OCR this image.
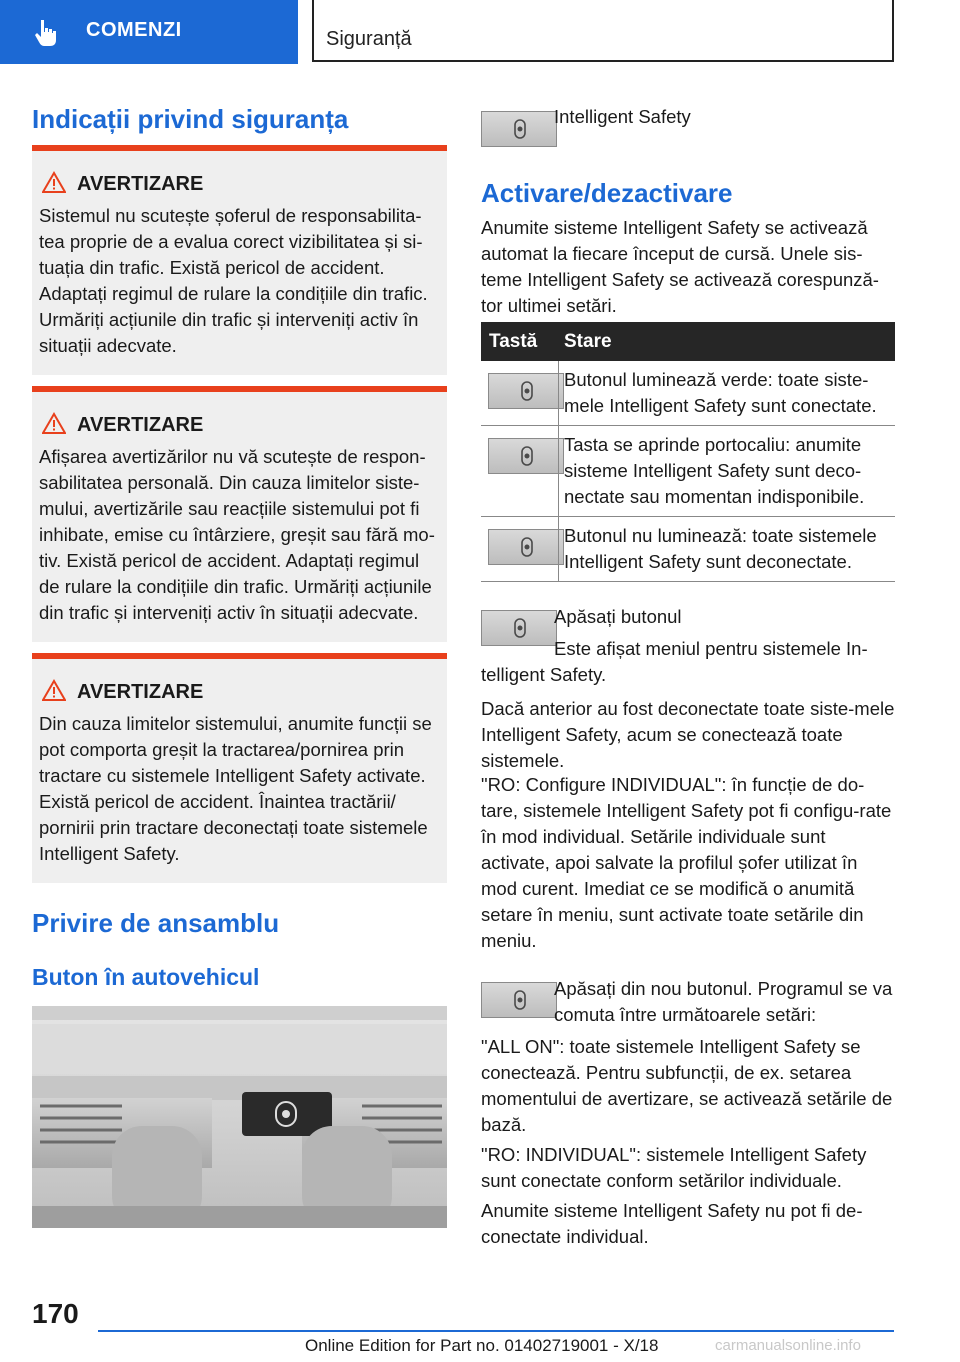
COMENZI	Siguranță
Indicații privind siguranța
AVERTIZARE
Sistemul nu scutește șoferul de responsabilita-tea proprie de a evalua corect vizibilitatea și si-tuația din trafic. Există pericol de accident. Adaptați regimul de rulare la condițiile din trafic. Urmăriți acțiunile din trafic și interveniți activ în situații adecvate.
AVERTIZARE
Afișarea avertizărilor nu vă scutește de respon-sabilitatea personală. Din cauza limitelor siste-mului, avertizările sau reacțiile sistemului pot fi inhibate, emise cu întârziere, greșit sau fără mo-tiv. Există pericol de accident. Adaptați regimul de rulare la condițiile din trafic. Urmăriți acțiunile din trafic și interveniți activ în situații adecvate.
AVERTIZARE
Din cauza limitelor sistemului, anumite funcții se pot comporta greșit la tractarea/pornirea prin tractare cu sistemele Intelligent Safety activate. Există pericol de accident. Înaintea tractării/ pornirii prin tractare deconectați toate sistemele Intelligent Safety.
Privire de ansamblu
Buton în autovehicul
Intelligent Safety
Activare/dezactivare
Anumite sisteme Intelligent Safety se activează automat la fiecare început de cursă. Unele sis-teme Intelligent Safety se activează corespunză-tor ultimei setări.
Tastă Stare
Butonul luminează verde: toate siste-mele Intelligent Safety sunt conectate.
Tasta se aprinde portocaliu: anumite sisteme Intelligent Safety sunt deco-nectate sau momentan indisponibile.
Butonul nu luminează: toate sistemele Intelligent Safety sunt deconectate.
Apăsați butonul
Este afișat meniul pentru sistemele In-
telligent Safety.
Dacă anterior au fost deconectate toate siste-mele Intelligent Safety, acum se conectează toate sistemele.
"RO: Configure INDIVIDUAL": în funcție de do-tare, sistemele Intelligent Safety pot fi configu-rate în mod individual. Setările individuale sunt activate, apoi salvate la profilul șofer utilizat în mod curent. Imediat ce se modifică o anumită setare în meniu, sunt activate toate setările din meniu.
Apăsați din nou butonul. Programul se va comuta între următoarele setări:
"ALL ON": toate sistemele Intelligent Safety se conectează. Pentru subfuncții, de ex. setarea momentului de avertizare, se activează setările de bază.
"RO: INDIVIDUAL": sistemele Intelligent Safety sunt conectate conform setărilor individuale.
Anumite sisteme Intelligent Safety nu pot fi de-conectate individual.
170
Online Edition for Part no. 01402719001 - X/18	carmanualsonline.info
